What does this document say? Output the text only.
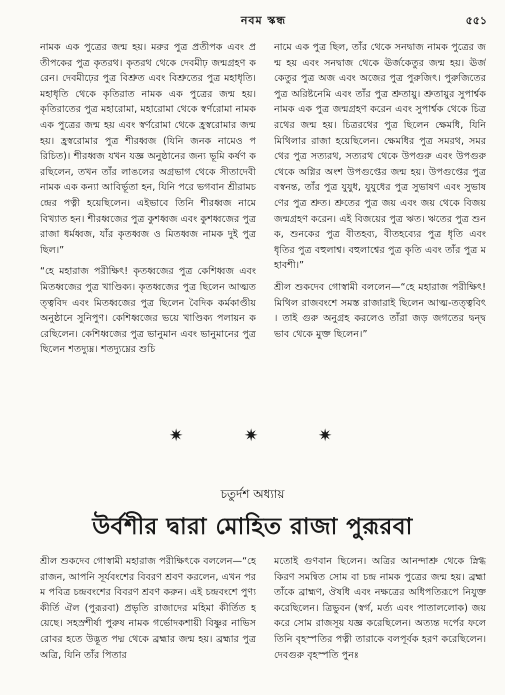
নবম স্কন্ধ	৫৫১

নামক এক পুত্রের জন্ম হয়। মরুর পুত্র প্রতীপক এবং প্রতীপকের পুত্র কৃতরথ। কৃতরথ থেকে দেবমীঢ় জন্মগ্রহণ করেন। দেবমীঢ়ের পুত্র বিশ্রুত এবং বিশ্রুতের পুত্র মহাধৃতি। মহাধৃতি থেকে কৃতিরাত নামক এক পুত্রের জন্ম হয়। কৃতিরাতের পুত্র মহারোমা, মহারোমা থেকে স্বর্ণরোমা নামক এক পুত্রের জন্ম হয় এবং স্বর্ণরোমা থেকে হ্রস্বরোমার জন্ম হয়। হ্রস্বরোমার পুত্র শীরধ্বজ (যিনি জনক নামেও পরিচিত)। শীরধ্বজ যখন যজ্ঞ অনুষ্ঠানের জন্য ভূমি কর্ষণ করছিলেন, তখন তাঁর লাঙলের অগ্রভাগ থেকে সীতাদেবী নামক এক কন্যা আবির্ভূতা হন, যিনি পরে ভগবান শ্রীরামচন্দ্রের পত্নী হয়েছিলেন। এইভাবে তিনি শীরধ্বজ নামে বিখ্যাত হন। শীরধ্বজের পুত্র কুশধ্বজ এবং কুশধ্বজের পুত্র রাজা ধর্মধ্বজ, যাঁর কৃতধ্বজ ও মিতধ্বজ নামক দুই পুত্র ছিল।”

“হে মহারাজ পরীক্ষিৎ! কৃতধ্বজের পুত্র কেশিধ্বজ এবং মিতধ্বজের পুত্র খাণ্ডিক্য। কৃতধ্বজের পুত্র ছিলেন আত্মতত্ত্ববিদ এবং মিতধ্বজের পুত্র ছিলেন বৈদিক কর্মকাণ্ডীয় অনুষ্ঠানে সুনিপুণ। কেশিধ্বজের ভয়ে খাণ্ডিক্য পলায়ন করেছিলেন। কেশিধ্বজের পুত্র ভানুমান এবং ভানুমানের পুত্র ছিলেন শতদ্যুম্ন। শতদ্যুম্নের শুচি

নামে এক পুত্র ছিল, তাঁর থেকে সনদ্বাজ নামক পুত্রের জন্ম হয় এবং সনদ্বাজ থেকে ঊর্জকেতুর জন্ম হয়। ঊর্জকেতুর পুত্র অজ এবং অজের পুত্র পুরুজিৎ। পুরুজিতের পুত্র অরিষ্টনেমি এবং তাঁর পুত্র শ্রুতায়ু। শ্রুতায়ুর সুপার্শ্বক নামক এক পুত্র জন্মগ্রহণ করেন এবং সুপার্শ্বক থেকে চিত্ররথের জন্ম হয়। চিত্ররথের পুত্র ছিলেন ক্ষেমধি, যিনি মিথিলার রাজা হয়েছিলেন। ক্ষেমধির পুত্র সমরথ, সমরথের পুত্র সত্যরথ, সত্যরথ থেকে উপগুরু এবং উপগুরু থেকে অগ্নির অংশ উপগুপ্তের জন্ম হয়। উপগুপ্তের পুত্র বস্বনন্ত, তাঁর পুত্র যুযুধ, যুযুধের পুত্র সুভাষণ এবং সুভাষণের পুত্র শ্রুত। শ্রুতের পুত্র জয় এবং জয় থেকে বিজয় জন্মগ্রহণ করেন। এই বিজয়ের পুত্র ঋত। ঋতের পুত্র শুনক, শুনকের পুত্র বীতহব্য, বীতহব্যের পুত্র ধৃতি এবং ধৃতির পুত্র বহুলাশ্ব। বহুলাশ্বের পুত্র কৃতি এবং তাঁর পুত্র মহাবশী।”

শ্রীল শুকদেব গোস্বামী বললেন—“হে মহারাজ পরীক্ষিৎ! মিথিল রাজবংশে সমস্ত রাজারাই ছিলেন আত্ম-তত্ত্ববিৎ। তাই গুরু অনুগ্রহ করলেও তাঁরা জড় জগতের দ্বন্দ্বভাব থেকে মুক্ত ছিলেন।”

✷	✷	✷
চতুর্দশ অধ্যায়
উর্বশীর দ্বারা মোহিত রাজা পুরূরবা

শ্রীল শুকদেব গোস্বামী মহারাজ পরীক্ষিৎকে বললেন—“হে রাজন, আপনি সূর্যবংশের বিবরণ শ্রবণ করলেন, এখন পরম পবিত্র চন্দ্রবংশের বিবরণ শ্রবণ করুন। এই চন্দ্রবংশে পুণ্যকীর্তি ঐল (পুরূরবা) প্রভৃতি রাজাদের মহিমা কীর্তিত হয়েছে। সহস্রশীর্ষা পুরুষ নামক গর্ভোদকশায়ী বিষ্ণুর নাভিসরোবর হতে উদ্ভূত পদ্ম থেকে ব্রহ্মার জন্ম হয়। ব্রহ্মার পুত্র অত্রি, যিনি তাঁর পিতার

মতোই গুণবান ছিলেন। অত্রির আনন্দাশ্রু থেকে স্নিগ্ধ কিরণ সমন্বিত সোম বা চন্দ্র নামক পুত্রের জন্ম হয়। ব্রহ্মা তাঁকে ব্রাহ্মণ, ঔষধি এবং নক্ষত্রের অধিপতিরূপে নিযুক্ত করেছিলেন। ত্রিভুবন (স্বর্গ, মর্ত্য এবং পাতাললোক) জয় করে সোম রাজসূয় যজ্ঞ করেছিলেন। অত্যন্ত দর্পের ফলে তিনি বৃহস্পতির পত্নী তারাকে বলপূর্বক হরণ করেছিলেন। দেবগুরু বৃহস্পতি পুনঃ
